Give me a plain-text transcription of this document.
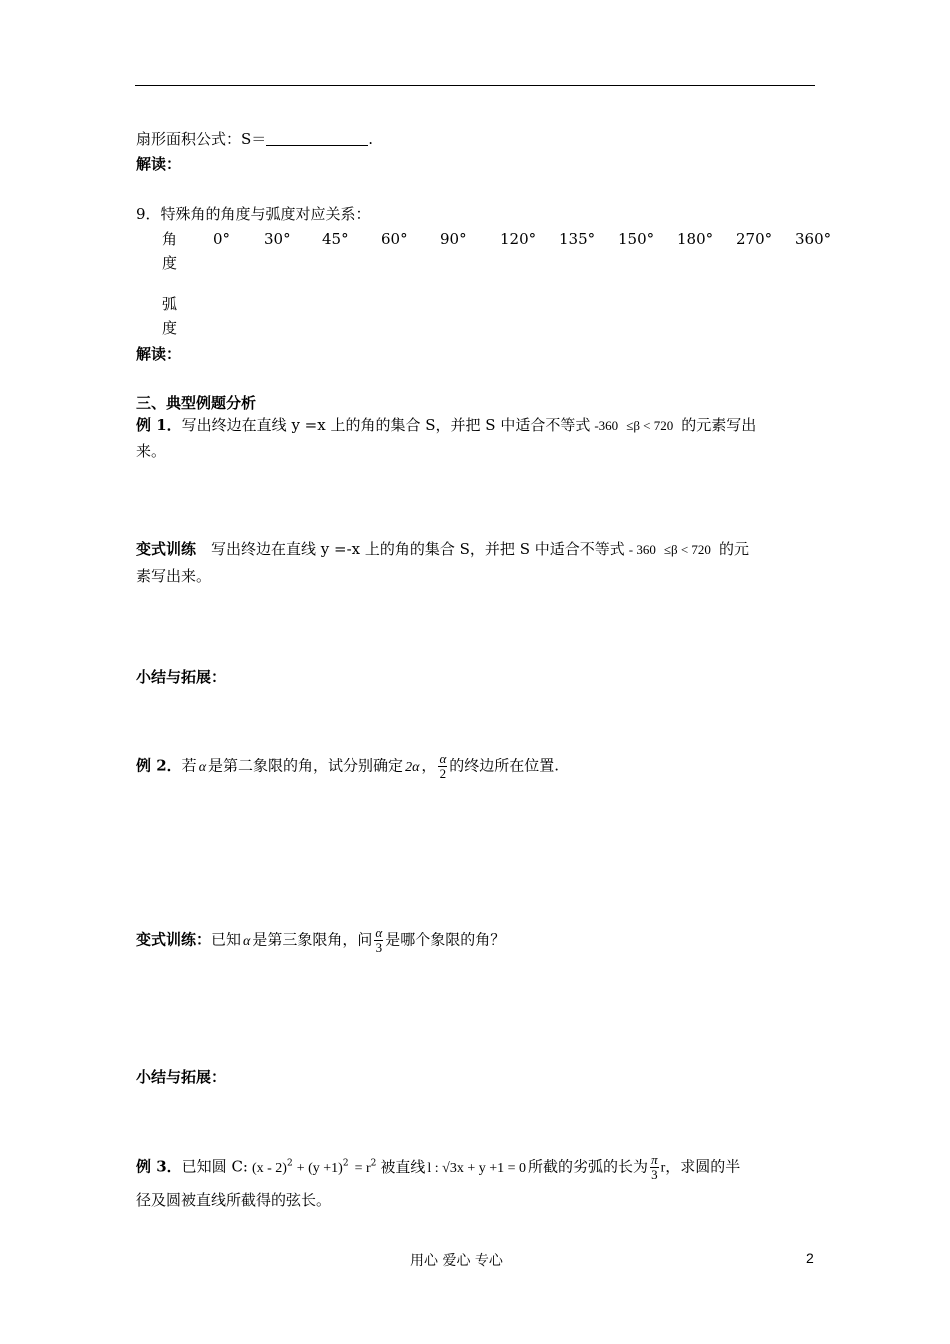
扇形面积公式：S＝	.
解读：
9．特殊角的角度与弧度对应关系：
角
度
0° 30° 45° 60° 90° 120° 135° 150° 180° 270° 360°
弧
度
解读：
三、典型例题分析
例 1．写出终边在直线 y =x 上的角的集合 S，并把 S 中适合不等式 -360 ≤β < 720 的元素写出
来。
变式训练 写出终边在直线 y =-x 上的角的集合 S，并把 S 中适合不等式 - 360 ≤β < 720 的元
素写出来。
小结与拓展：
例 2．若 α 是第二象限的角，试分别确定 2α ， $\frac{\alpha}{2}$ 的终边所在位置.
变式训练：已知 α 是第三象限角，问 $\frac{\alpha}{3}$ 是哪个象限的角？
小结与拓展：
例 3．已知圆 C: $(x - 2)^2 + (y +1)^2 = r^2$ 被直线 l : √3x + y +1 = 0 所截的劣弧的长为 $\frac{\pi}{3}$ r，求圆的半
径及圆被直线所截得的弦长。
用心 爱心 专心	2
